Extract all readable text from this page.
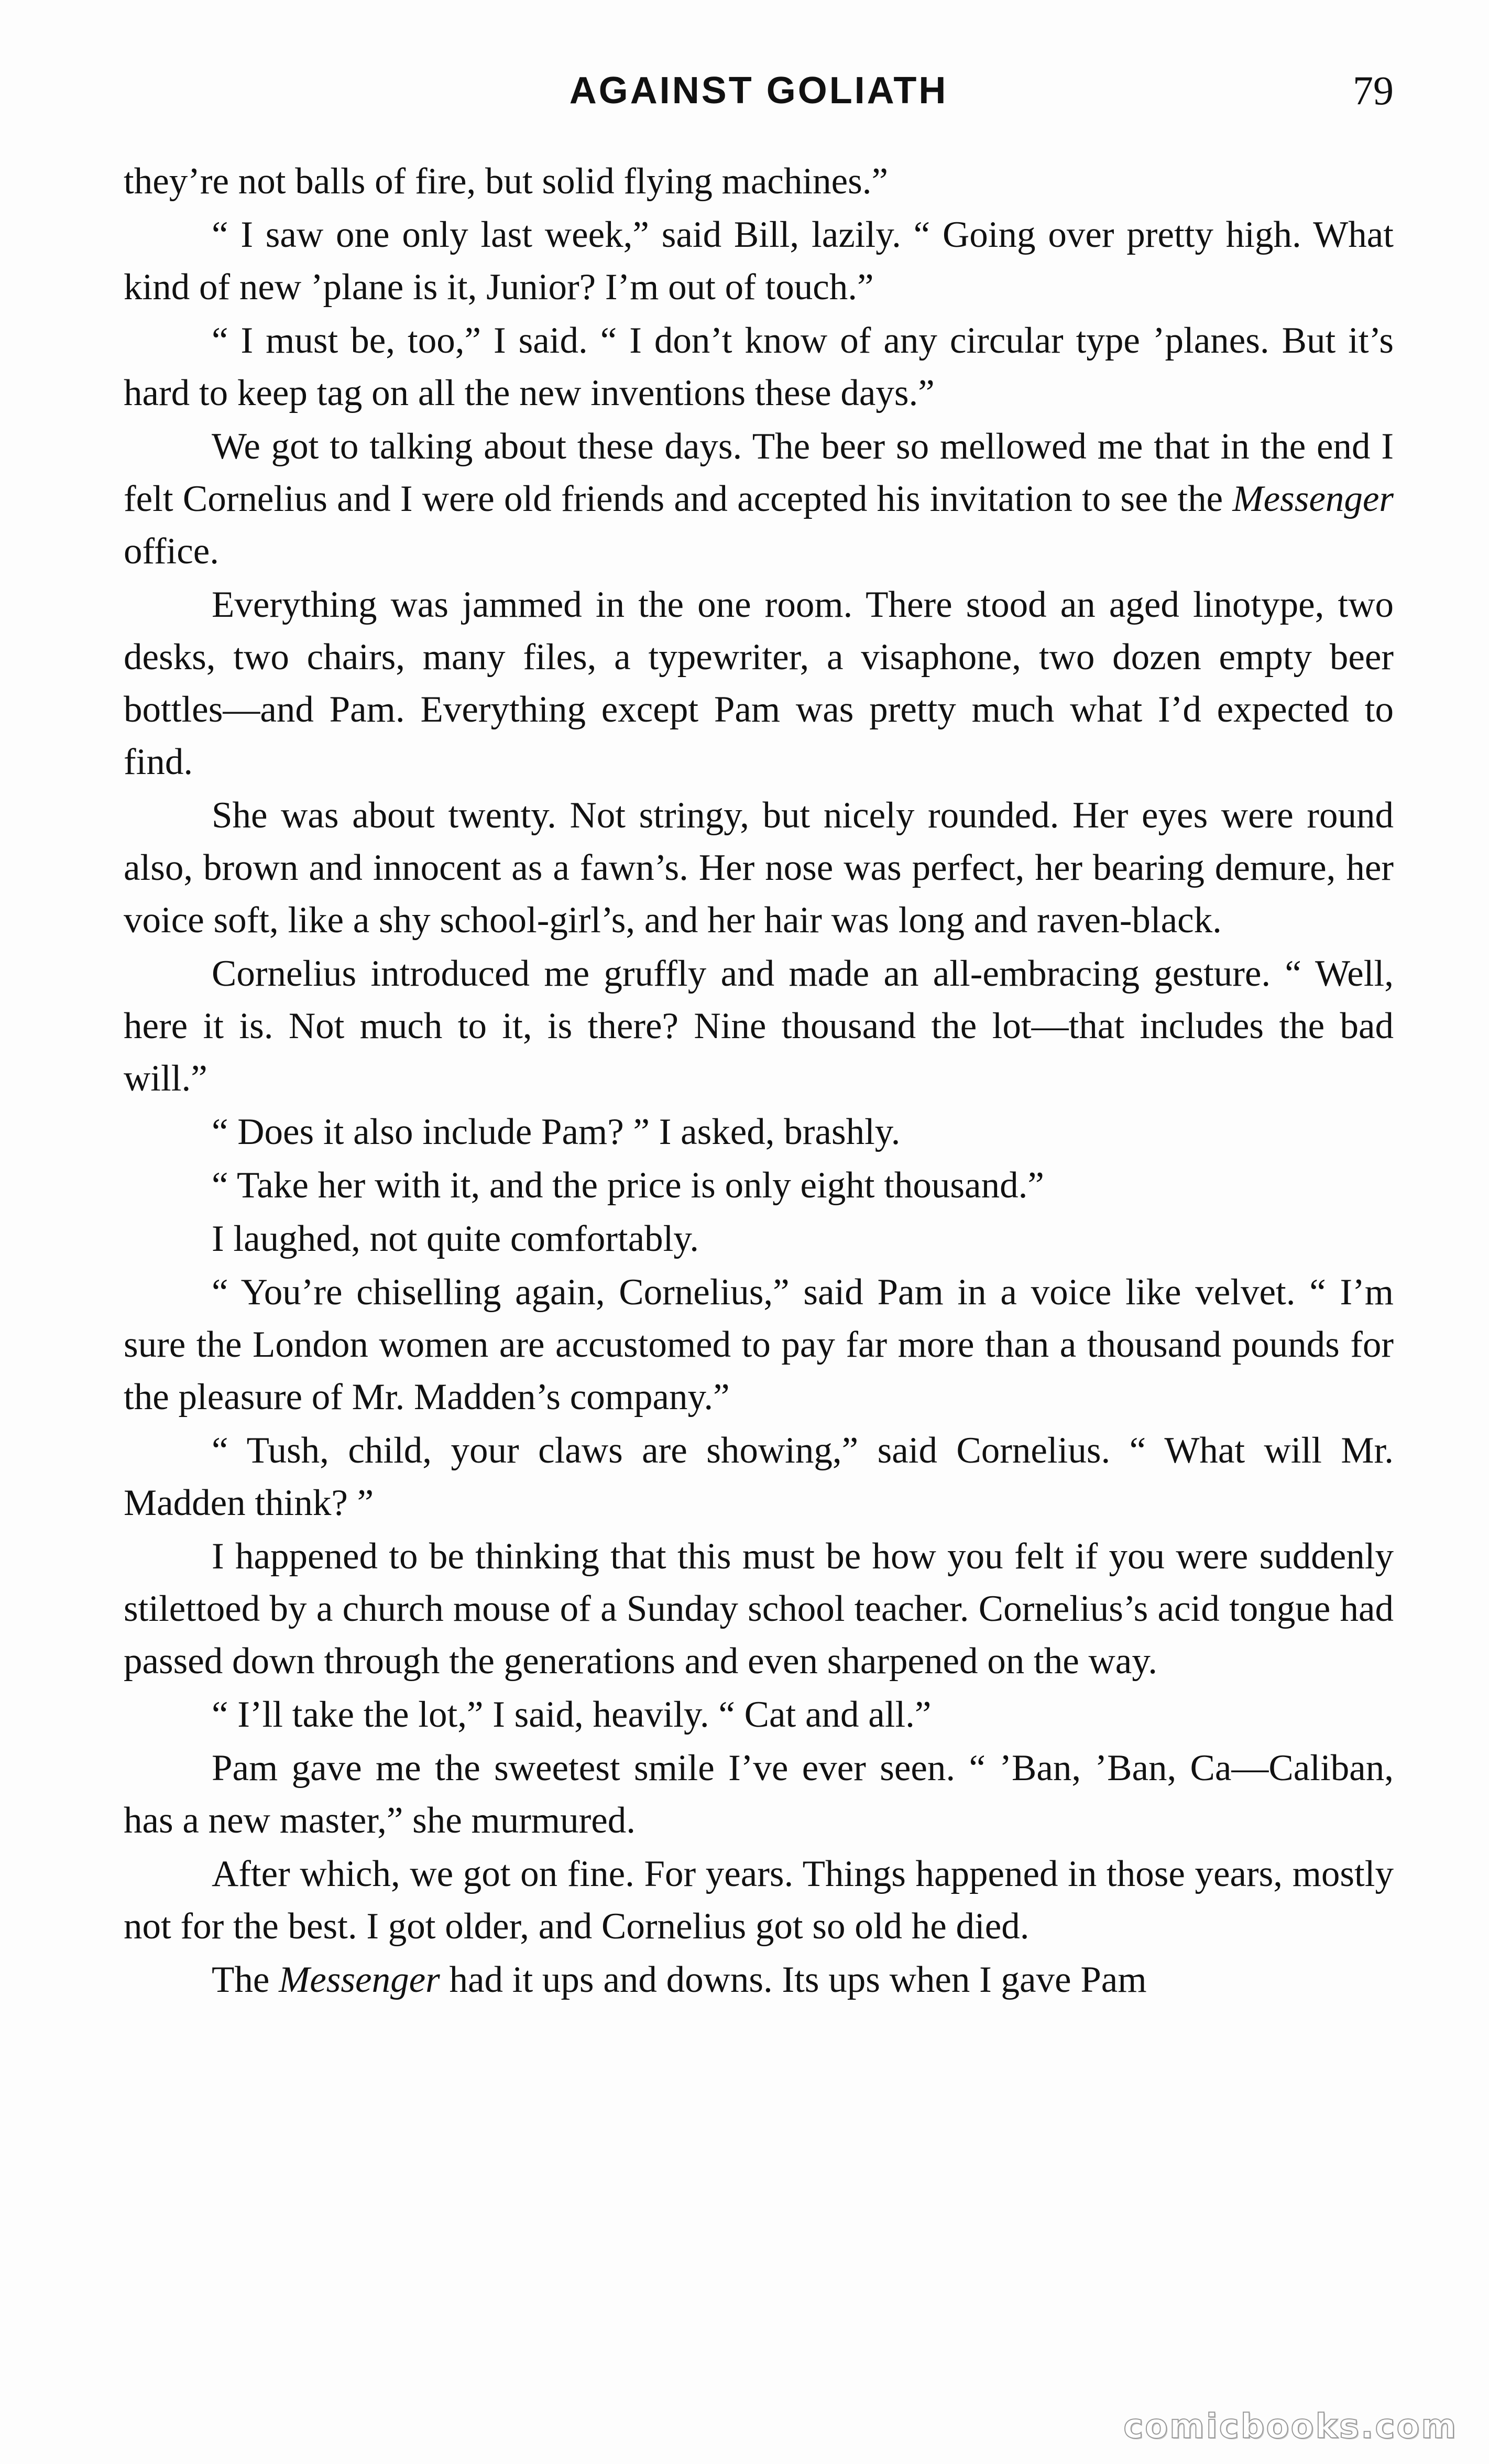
AGAINST GOLIATH	79

they’re not balls of fire, but solid flying machines.”

“ I saw one only last week,” said Bill, lazily. “ Going over pretty high. What kind of new ’plane is it, Junior? I’m out of touch.”

“ I must be, too,” I said. “ I don’t know of any circular type ’planes. But it’s hard to keep tag on all the new inventions these days.”

We got to talking about these days. The beer so mellowed me that in the end I felt Cornelius and I were old friends and accepted his invitation to see the Messenger office.

Everything was jammed in the one room. There stood an aged linotype, two desks, two chairs, many files, a typewriter, a visaphone, two dozen empty beer bottles—and Pam. Everything except Pam was pretty much what I’d expected to find.

She was about twenty. Not stringy, but nicely rounded. Her eyes were round also, brown and innocent as a fawn’s. Her nose was perfect, her bearing demure, her voice soft, like a shy school-girl’s, and her hair was long and raven-black.

Cornelius introduced me gruffly and made an all-embracing gesture. “ Well, here it is. Not much to it, is there? Nine thousand the lot—that includes the bad will.”

“ Does it also include Pam? ” I asked, brashly.

“ Take her with it, and the price is only eight thousand.”

I laughed, not quite comfortably.

“ You’re chiselling again, Cornelius,” said Pam in a voice like velvet. “ I’m sure the London women are accustomed to pay far more than a thousand pounds for the pleasure of Mr. Madden’s company.”

“ Tush, child, your claws are showing,” said Cornelius. “ What will Mr. Madden think? ”

I happened to be thinking that this must be how you felt if you were suddenly stilettoed by a church mouse of a Sunday school teacher. Cornelius’s acid tongue had passed down through the generations and even sharpened on the way.

“ I’ll take the lot,” I said, heavily. “ Cat and all.”

Pam gave me the sweetest smile I’ve ever seen. “ ’Ban, ’Ban, Ca—Caliban, has a new master,” she murmured.

After which, we got on fine. For years. Things happened in those years, mostly not for the best. I got older, and Cornelius got so old he died.

The Messenger had it ups and downs. Its ups when I gave Pam

comicbooks.com
